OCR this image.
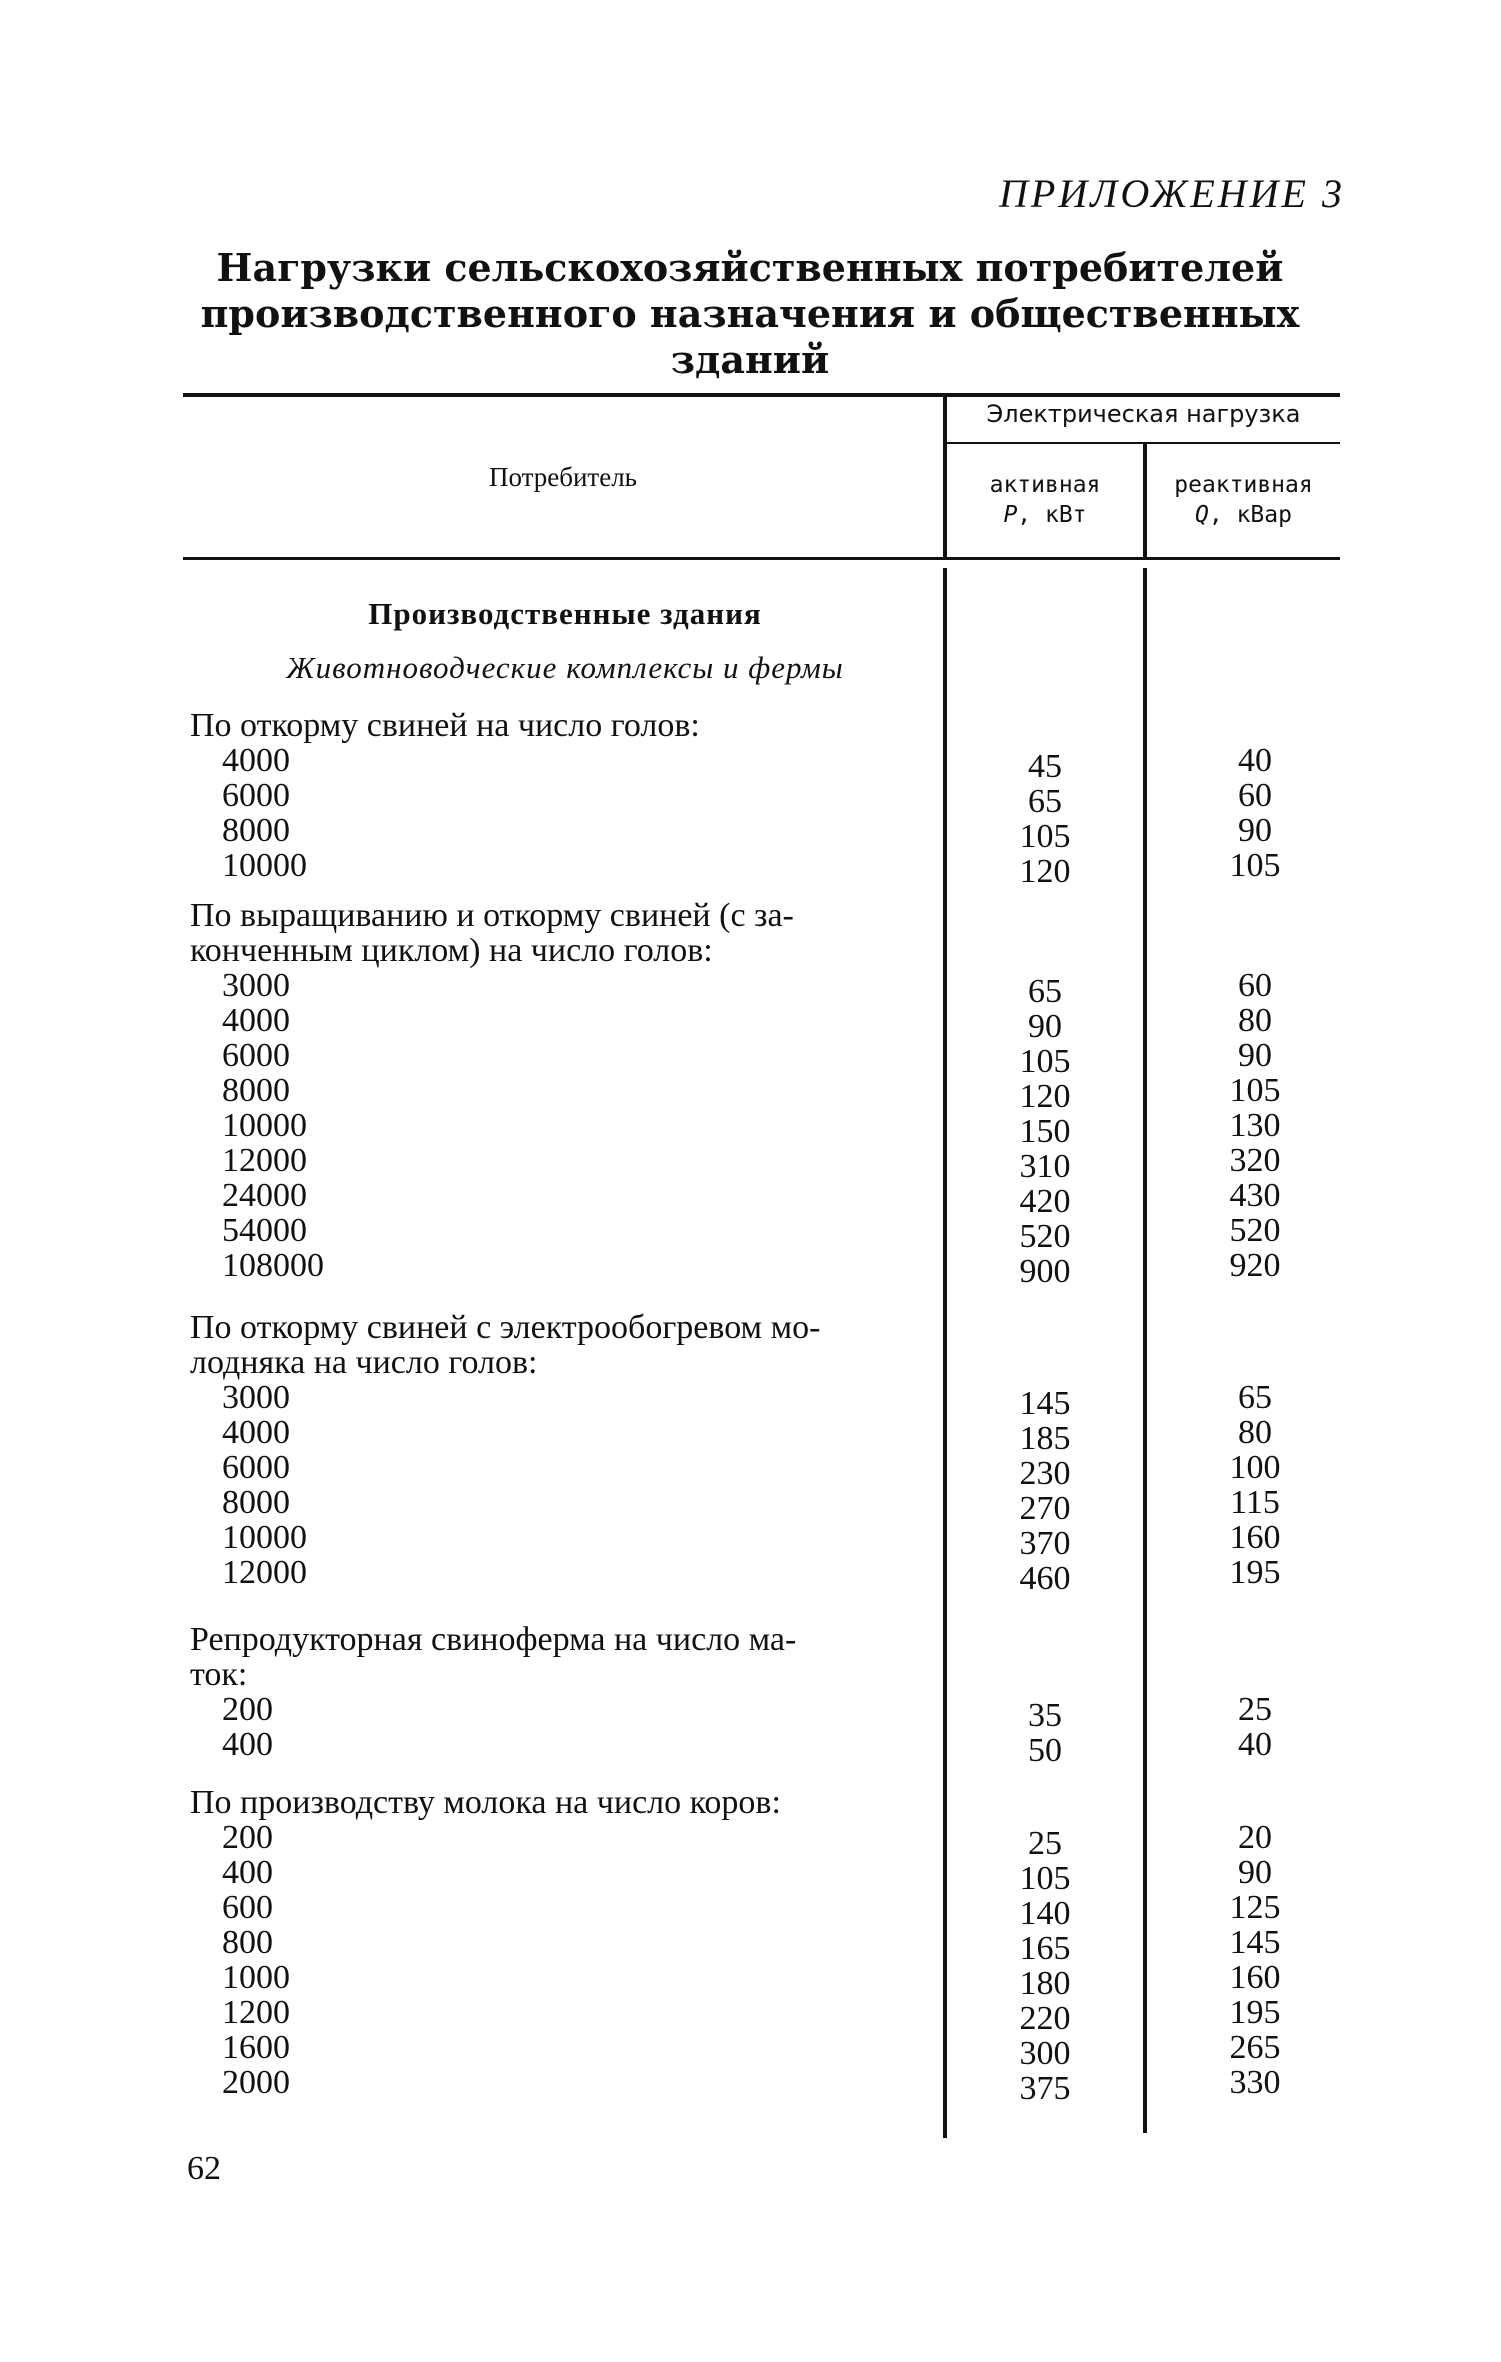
ПРИЛОЖЕНИЕ 3
Нагрузки сельскохозяйственных потребителей
производственного назначения и общественных зданий
Потребитель
Электрическая нагрузка
активная
P, кВт
реактивная
Q, кВар
Производственные здания
Животноводческие комплексы и фермы
По откорму свиней на число голов:
4000	45	40
6000	65	60
8000	105	90
10000	120	105
По выращиванию и откорму свиней (с за-
конченным циклом) на число голов:
3000	65	60
4000	90	80
6000	105	90
8000	120	105
10000	150	130
12000	310	320
24000	420	430
54000	520	520
108000	900	920
По откорму свиней с электрообогревом мо-
лодняка на число голов:
3000	145	65
4000	185	80
6000	230	100
8000	270	115
10000	370	160
12000	460	195
Репродукторная свиноферма на число ма-
ток:
200	35	25
400	50	40
По производству молока на число коров:
200	25	20
400	105	90
600	140	125
800	165	145
1000	180	160
1200	220	195
1600	300	265
2000	375	330
62
